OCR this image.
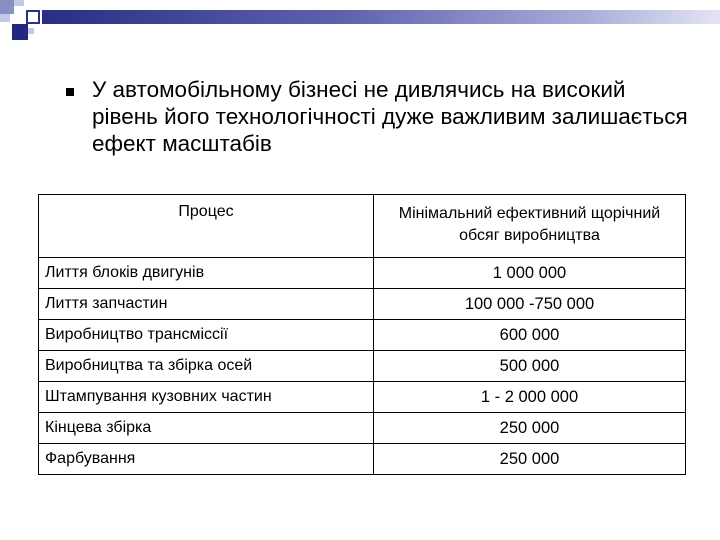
У автомобільному бізнесі не дивлячись на високий рівень його технологічності дуже важливим залишається ефект масштабів

Процес	Мінімальний ефективний щорічний обсяг виробництва
Лиття блоків двигунів	1 000 000
Лиття запчастин	100 000 -750 000
Виробництво трансміссії	600 000
Виробництва та збірка осей	500 000
Штампування кузовних частин	1 - 2 000 000
Кінцева збірка	250 000
Фарбування	250 000
